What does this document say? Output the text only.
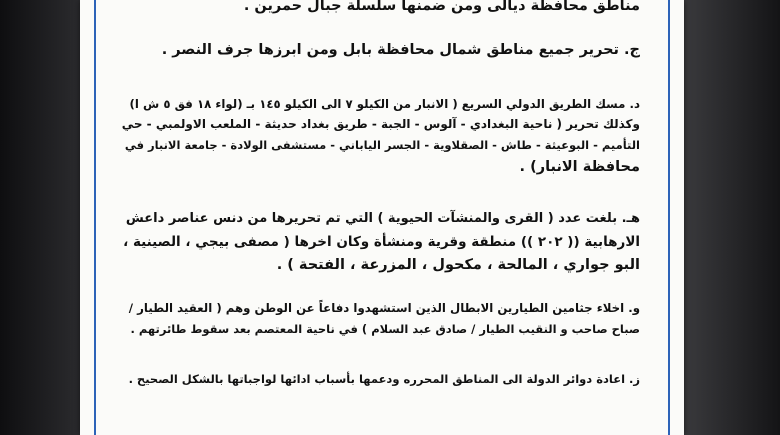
مناطق محافظة ديالى ومن ضمنها سلسلة جبال حمرين .
ج. تحرير جميع مناطق شمال محافظة بابل ومن ابرزها جرف النصر .
د. مسك الطريق الدولي السريع ( الانبار من الكيلو ٧ الى الكيلو ١٤٥ بـ (لواء ١٨ فق ٥ ش ا)
وكذلك تحرير ( ناحية البغدادي - آلوس - الجبة - طريق بغداد حديثة - الملعب الاولمبي - حي
التأميم - البوعيثة - طاش - الصقلاوية - الجسر الياباني - مستشفى الولادة - جامعة الانبار في
محافظة الانبار) .
هـ. بلغت عدد ( القرى والمنشآت الحيوية ) التي تم تحريرها من دنس عناصر داعش
الارهابية (( ٢٠٢ )) منطقة وقرية ومنشأة وكان اخرها ( مصفى بيجي ، الصينية ،
البو جواري ، المالحة ، مكحول ، المزرعة ، الفتحة ) .
و. اخلاء جثامين الطيارين الابطال الذين استشهدوا دفاعاً عن الوطن وهم ( العقيد الطيار /
صباح صاحب و النقيب الطيار / صادق عبد السلام ) في ناحية المعتصم بعد سقوط طائرتهم .
ز. اعادة دوائر الدولة الى المناطق المحرره ودعمها بأسباب ادائها لواجباتها بالشكل الصحيح .
